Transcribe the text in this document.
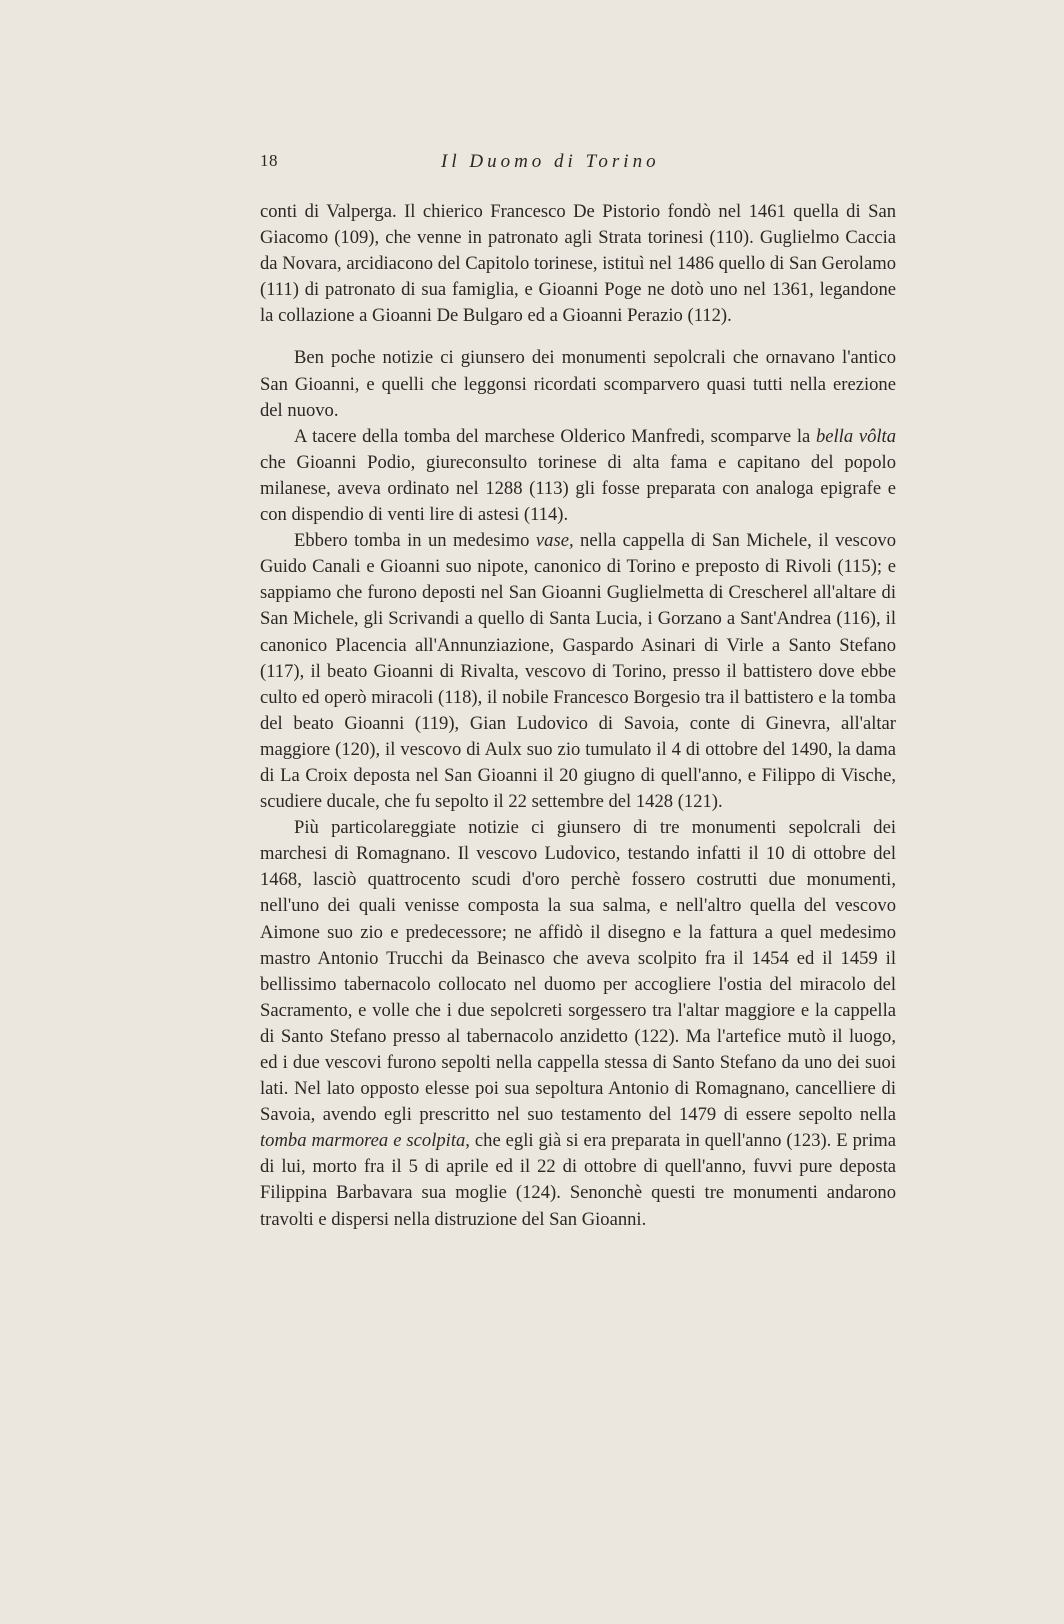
18	Il Duomo di Torino

conti di Valperga. Il chierico Francesco De Pistorio fondò nel 1461 quella di San Giacomo (109), che venne in patronato agli Strata torinesi (110). Guglielmo Caccia da Novara, arcidiacono del Capitolo torinese, istituì nel 1486 quello di San Gerolamo (111) di patronato di sua famiglia, e Gioanni Poge ne dotò uno nel 1361, legandone la collazione a Gioanni De Bulgaro ed a Gioanni Perazio (112).

Ben poche notizie ci giunsero dei monumenti sepolcrali che ornavano l'antico San Gioanni, e quelli che leggonsi ricordati scomparvero quasi tutti nella erezione del nuovo.

A tacere della tomba del marchese Olderico Manfredi, scomparve la bella vôlta che Gioanni Podio, giureconsulto torinese di alta fama e capitano del popolo milanese, aveva ordinato nel 1288 (113) gli fosse preparata con analoga epigrafe e con dispendio di venti lire di astesi (114).

Ebbero tomba in un medesimo vase, nella cappella di San Michele, il vescovo Guido Canali e Gioanni suo nipote, canonico di Torino e preposto di Rivoli (115); e sappiamo che furono deposti nel San Gioanni Guglielmetta di Crescherel all'altare di San Michele, gli Scrivandi a quello di Santa Lucia, i Gorzano a Sant'Andrea (116), il canonico Placencia all'Annunziazione, Gaspardo Asinari di Virle a Santo Stefano (117), il beato Gioanni di Rivalta, vescovo di Torino, presso il battistero dove ebbe culto ed operò miracoli (118), il nobile Francesco Borgesio tra il battistero e la tomba del beato Gioanni (119), Gian Ludovico di Savoia, conte di Ginevra, all'altar maggiore (120), il vescovo di Aulx suo zio tumulato il 4 di ottobre del 1490, la dama di La Croix deposta nel San Gioanni il 20 giugno di quell'anno, e Filippo di Vische, scudiere ducale, che fu sepolto il 22 settembre del 1428 (121).

Più particolareggiate notizie ci giunsero di tre monumenti sepolcrali dei marchesi di Romagnano. Il vescovo Ludovico, testando infatti il 10 di ottobre del 1468, lasciò quattrocento scudi d'oro perchè fossero costrutti due monumenti, nell'uno dei quali venisse composta la sua salma, e nell'altro quella del vescovo Aimone suo zio e predecessore; ne affidò il disegno e la fattura a quel medesimo mastro Antonio Trucchi da Beinasco che aveva scolpito fra il 1454 ed il 1459 il bellissimo tabernacolo collocato nel duomo per accogliere l'ostia del miracolo del Sacramento, e volle che i due sepolcreti sorgessero tra l'altar maggiore e la cappella di Santo Stefano presso al tabernacolo anzidetto (122). Ma l'artefice mutò il luogo, ed i due vescovi furono sepolti nella cappella stessa di Santo Stefano da uno dei suoi lati. Nel lato opposto elesse poi sua sepoltura Antonio di Romagnano, cancelliere di Savoia, avendo egli prescritto nel suo testamento del 1479 di essere sepolto nella tomba marmorea e scolpita, che egli già si era preparata in quell'anno (123). E prima di lui, morto fra il 5 di aprile ed il 22 di ottobre di quell'anno, fuvvi pure deposta Filippina Barbavara sua moglie (124). Senonchè questi tre monumenti andarono travolti e dispersi nella distruzione del San Gioanni.
